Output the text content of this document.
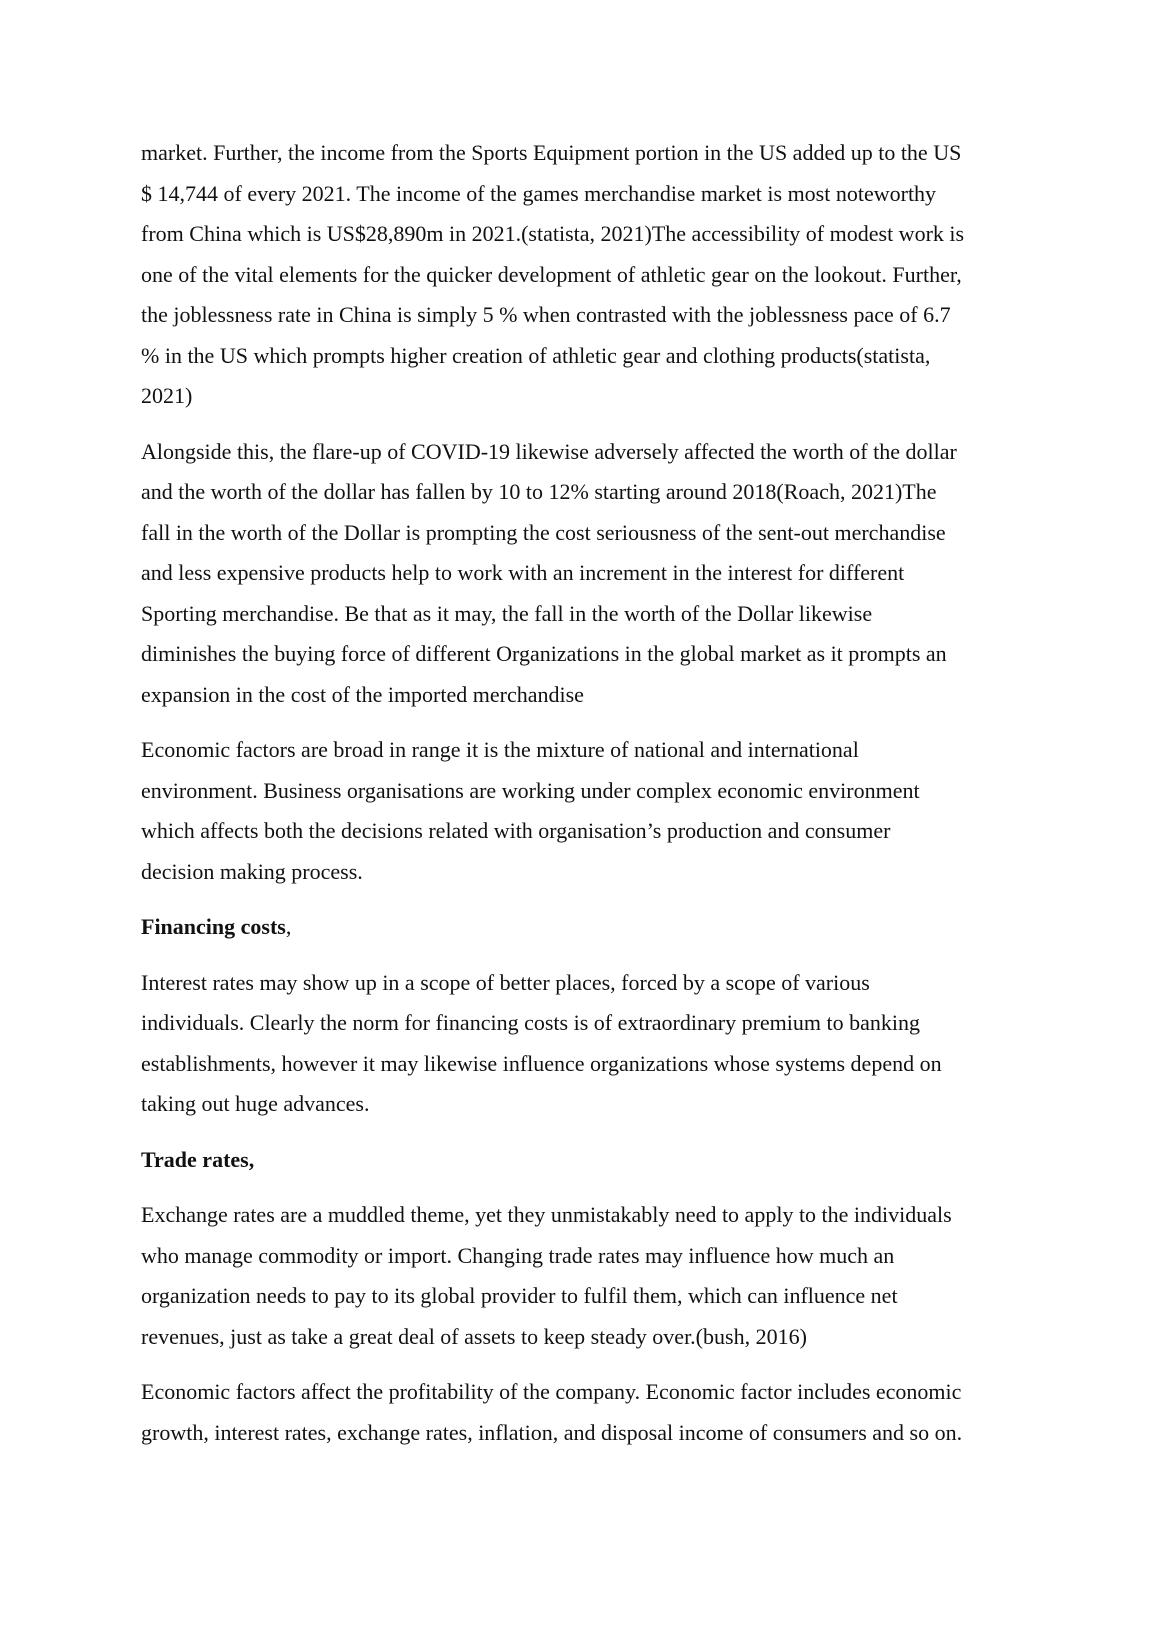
market. Further, the income from the Sports Equipment portion in the US added up to the US
$ 14,744 of every 2021. The income of the games merchandise market is most noteworthy
from China which is US$28,890m in 2021.(statista, 2021)The accessibility of modest work is
one of the vital elements for the quicker development of athletic gear on the lookout. Further,
the joblessness rate in China is simply 5 % when contrasted with the joblessness pace of 6.7
% in the US which prompts higher creation of athletic gear and clothing products(statista,
2021)

Alongside this, the flare-up of COVID-19 likewise adversely affected the worth of the dollar
and the worth of the dollar has fallen by 10 to 12% starting around 2018(Roach, 2021)The
fall in the worth of the Dollar is prompting the cost seriousness of the sent-out merchandise
and less expensive products help to work with an increment in the interest for different
Sporting merchandise. Be that as it may, the fall in the worth of the Dollar likewise
diminishes the buying force of different Organizations in the global market as it prompts an
expansion in the cost of the imported merchandise

Economic factors are broad in range it is the mixture of national and international
environment. Business organisations are working under complex economic environment
which affects both the decisions related with organisation’s production and consumer
decision making process.

Financing costs,

Interest rates may show up in a scope of better places, forced by a scope of various
individuals. Clearly the norm for financing costs is of extraordinary premium to banking
establishments, however it may likewise influence organizations whose systems depend on
taking out huge advances.

Trade rates,

Exchange rates are a muddled theme, yet they unmistakably need to apply to the individuals
who manage commodity or import. Changing trade rates may influence how much an
organization needs to pay to its global provider to fulfil them, which can influence net
revenues, just as take a great deal of assets to keep steady over.(bush, 2016)

Economic factors affect the profitability of the company. Economic factor includes economic
growth, interest rates, exchange rates, inflation, and disposal income of consumers and so on.
